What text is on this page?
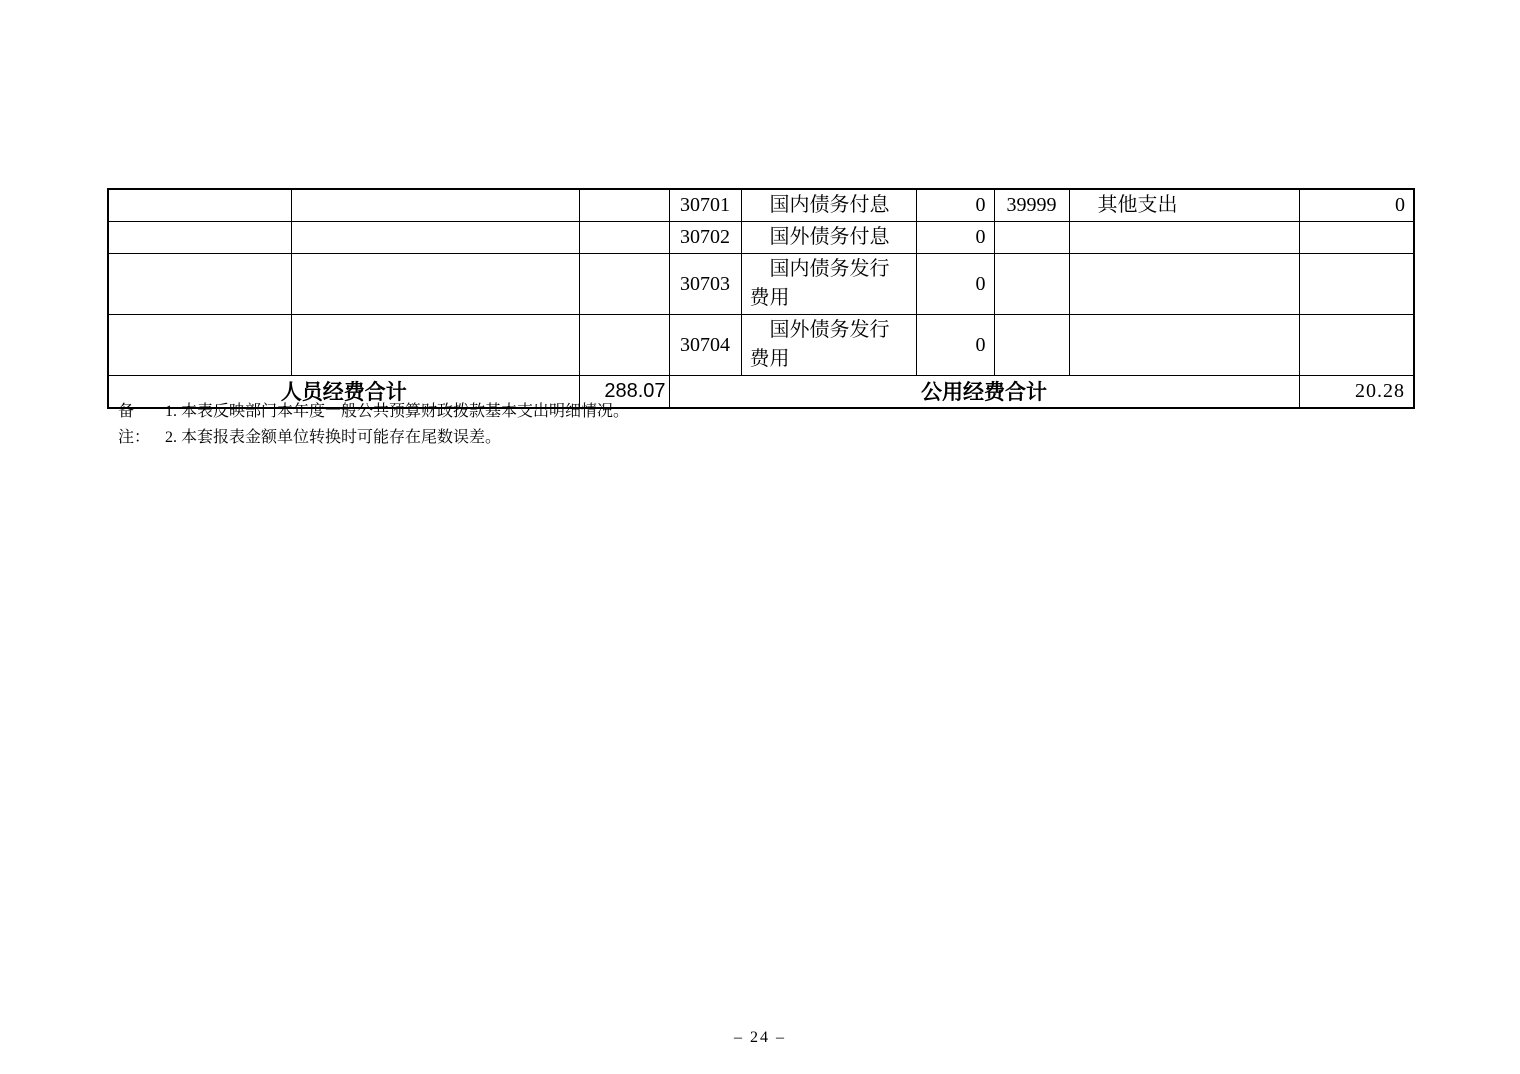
			30701	国内债务付息	0	39999	其他支出	0
			30702	国外债务付息	0			
			30703	国内债务发行费用	0			
			30704	国外债务发行费用	0			
人员经费合计		288.07	公用经费合计					20.28
备注：
1. 本表反映部门本年度一般公共预算财政拨款基本支出明细情况。
2. 本套报表金额单位转换时可能存在尾数误差。
– 24 –
